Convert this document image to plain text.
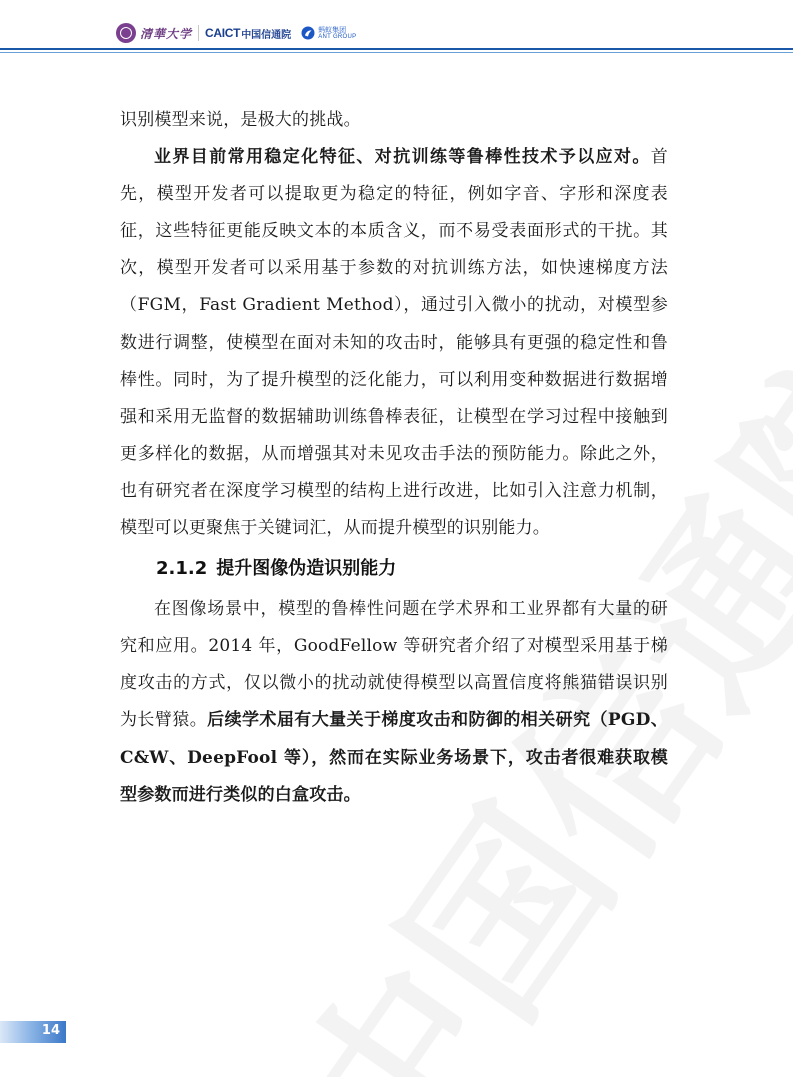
清華大学 CAICT 中国信通院	蚂蚁集团
ANT GROUP

识别模型来说，是极大的挑战。

业界目前常用稳定化特征、对抗训练等鲁棒性技术予以应对。首先，模型开发者可以提取更为稳定的特征，例如字音、字形和深度表征，这些特征更能反映文本的本质含义，而不易受表面形式的干扰。其次，模型开发者可以采用基于参数的对抗训练方法，如快速梯度方法（FGM，Fast Gradient Method），通过引入微小的扰动，对模型参数进行调整，使模型在面对未知的攻击时，能够具有更强的稳定性和鲁棒性。同时，为了提升模型的泛化能力，可以利用变种数据进行数据增强和采用无监督的数据辅助训练鲁棒表征，让模型在学习过程中接触到更多样化的数据，从而增强其对未见攻击手法的预防能力。除此之外，也有研究者在深度学习模型的结构上进行改进，比如引入注意力机制，模型可以更聚焦于关键词汇，从而提升模型的识别能力。

2.1.2  提升图像伪造识别能力

在图像场景中，模型的鲁棒性问题在学术界和工业界都有大量的研究和应用。2014 年，GoodFellow 等研究者介绍了对模型采用基于梯度攻击的方式，仅以微小的扰动就使得模型以高置信度将熊猫错误识别为长臂猿。后续学术届有大量关于梯度攻击和防御的相关研究（PGD、C&W、DeepFool 等），然而在实际业务场景下，攻击者很难获取模型参数而进行类似的白盒攻击。

14
